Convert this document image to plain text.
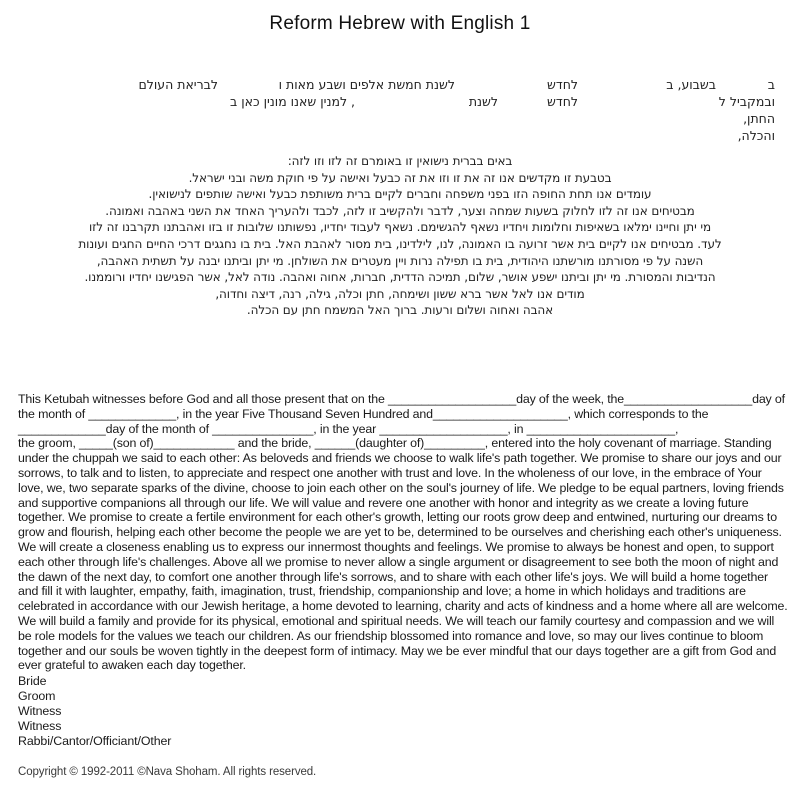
Reform Hebrew with English 1
ב
בשבוע, ב
לחדש
לשנת חמשת אלפים ושבע מאות ו
לבריאת העולם
ובמקביל ל
לחדש
לשנת
, למנין שאנו מונין כאן ב
החתן,
והכלה,
באים בברית נישואין זו באומרם זה לזו וזו לזה:
בטבעת זו מקדשים אנו זה את זו וזו את זה כבעל ואישה על פי חוקת משה ובני ישראל.
עומדים אנו תחת החופה הזו בפני משפחה וחברים לקיים ברית משותפת כבעל ואישה שותפים לנישואין.
מבטיחים אנו זה לזו לחלוק בשעות שמחה וצער, לדבר ולהקשיב זו לזה, לכבד ולהעריך האחד את השני באהבה ואמונה.
מי יתן וחיינו ימלאו בשאיפות וחלומות ויחדיו נשאף להגשימם. נשאף לעבוד יחדיו, נפשותנו שלובות זו בזו ואהבתנו תקרבנו זה לזו
לעד. מבטיחים אנו לקיים בית אשר זרועה בו האמונה, לנו, לילדינו, בית מסור לאהבת האל. בית בו נחגגים דרכי החיים החגים ועונות
השנה על פי מסורתנו מורשתנו היהודית, בית בו תפילה נרות ויין מעטרים את השולחן. מי יתן וביתנו יבנה על תשתית האהבה,
הנדיבות והמסורת. מי יתן וביתנו ישפע אושר, שלום, תמיכה הדדית, חברות, אחוה ואהבה. נודה לאל, אשר הפגישנו יחדיו ורוממנו.
מודים אנו לאל אשר ברא ששון ושימחה, חתן וכלה, גילה, רנה, דיצה וחדוה,
אהבה ואחוה ושלום ורעות. ברוך האל המשמח חתן עם הכלה.
This Ketubah witnesses before God and all those present that on the ___________________day of the week, the___________________day of the month of _____________, in the year Five Thousand Seven Hundred and____________________, which corresponds to the _____________day of the month of _______________, in the year ___________________, in ______________________,
the groom, _____(son of)____________ and the bride, ______(daughter of)_________, entered into the holy covenant of marriage. Standing under the chuppah we said to each other: As beloveds and friends we choose to walk life's path together. We promise to share our joys and our sorrows, to talk and to listen, to appreciate and respect one another with trust and love. In the wholeness of our love, in the embrace of Your love, we, two separate sparks of the divine, choose to join each other on the soul's journey of life. We pledge to be equal partners, loving friends and supportive companions all through our life. We will value and revere one another with honor and integrity as we create a loving future together. We promise to create a fertile environment for each other's growth, letting our roots grow deep and entwined, nurturing our dreams to grow and flourish, helping each other become the people we are yet to be, determined to be ourselves and cherishing each other's uniqueness. We will create a closeness enabling us to express our innermost thoughts and feelings. We promise to always be honest and open, to support each other through life's challenges. Above all we promise to never allow a single argument or disagreement to see both the moon of night and the dawn of the next day, to comfort one another through life's sorrows, and to share with each other life's joys. We will build a home together and fill it with laughter, empathy, faith, imagination, trust, friendship, companionship and love; a home in which holidays and traditions are celebrated in accordance with our Jewish heritage, a home devoted to learning, charity and acts of kindness and a home where all are welcome. We will build a family and provide for its physical, emotional and spiritual needs. We will teach our family courtesy and compassion and we will be role models for the values we teach our children. As our friendship blossomed into romance and love, so may our lives continue to bloom together and our souls be woven tightly in the deepest form of intimacy. May we be ever mindful that our days together are a gift from God and ever grateful to awaken each day together.
Bride
Groom
Witness
Witness
Rabbi/Cantor/Officiant/Other
Copyright © 1992-2011 ©Nava Shoham. All rights reserved.
